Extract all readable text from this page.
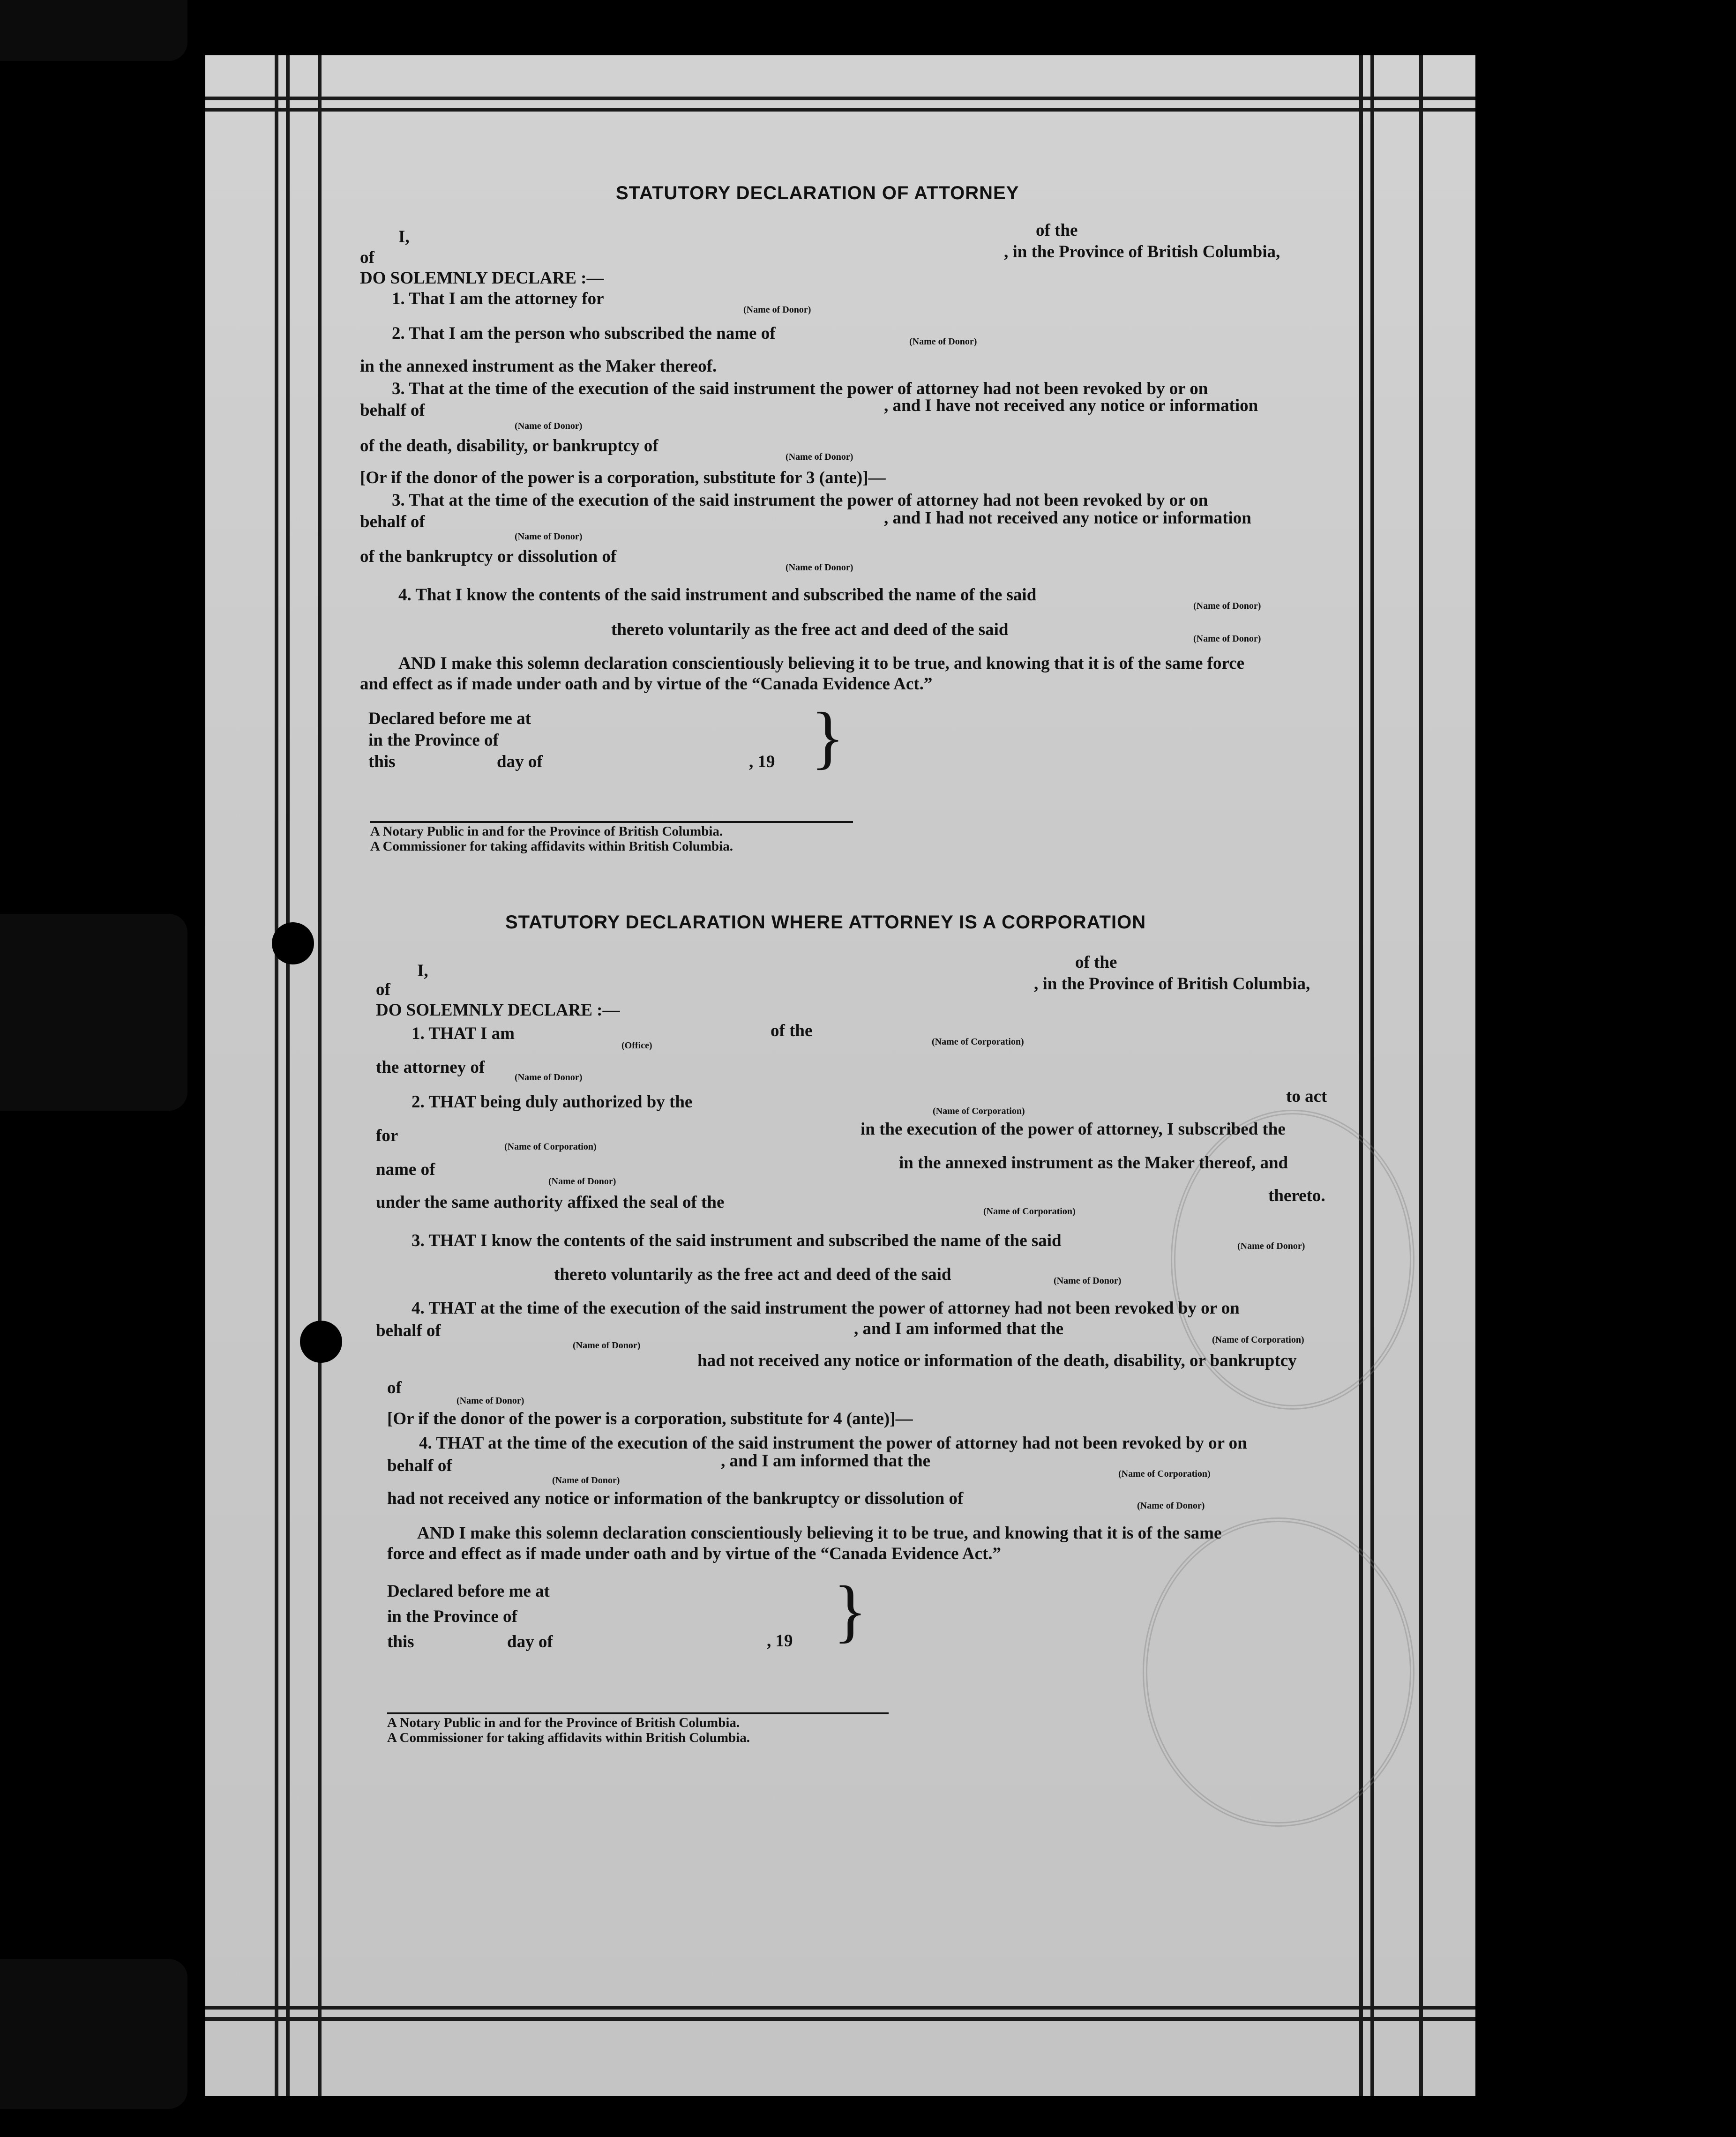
STATUTORY DECLARATION OF ATTORNEY
I,	of the
of	, in the Province of British Columbia,
DO SOLEMNLY DECLARE :—
1. That I am the attorney for
(Name of Donor)
2. That I am the person who subscribed the name of	(Name of Donor)
in the annexed instrument as the Maker thereof.
3. That at the time of the execution of the said instrument the power of attorney had not been revoked by or on
behalf of	, and I have not received any notice or information
(Name of Donor)
of the death, disability, or bankruptcy of
(Name of Donor)
[Or if the donor of the power is a corporation, substitute for 3 (ante)]—
3. That at the time of the execution of the said instrument the power of attorney had not been revoked by or on
behalf of	, and I had not received any notice or information
(Name of Donor)
of the bankruptcy or dissolution of
(Name of Donor)
4. That I know the contents of the said instrument and subscribed the name of the said
(Name of Donor)
thereto voluntarily as the free act and deed of the said	(Name of Donor)
AND I make this solemn declaration conscientiously believing it to be true, and knowing that it is of the same force
and effect as if made under oath and by virtue of the “Canada Evidence Act.”
Declared before me at
in the Province of
this	day of	, 19 }
A Notary Public in and for the Province of British Columbia.
A Commissioner for taking affidavits within British Columbia.
STATUTORY DECLARATION WHERE ATTORNEY IS A CORPORATION
I,	of the
of	, in the Province of British Columbia,
DO SOLEMNLY DECLARE :—
1. THAT I am	of the
(Office)	(Name of Corporation)
the attorney of
(Name of Donor)
2. THAT being duly authorized by the	(Name of Corporation)
to act
for	in the execution of the power of attorney, I subscribed the
(Name of Corporation)
name of	in the annexed instrument as the Maker thereof, and
(Name of Donor)
under the same authority affixed the seal of the	thereto.
(Name of Corporation)
3. THAT I know the contents of the said instrument and subscribed the name of the said	(Name of Donor)
thereto voluntarily as the free act and deed of the said	(Name of Donor)
4. THAT at the time of the execution of the said instrument the power of attorney had not been revoked by or on
behalf of	, and I am informed that the
(Name of Donor)
(Name of Corporation)
had not received any notice or information of the death, disability, or bankruptcy
of
(Name of Donor)
[Or if the donor of the power is a corporation, substitute for 4 (ante)]—
4. THAT at the time of the execution of the said instrument the power of attorney had not been revoked by or on
behalf of	, and I am informed that the
(Name of Donor)
(Name of Corporation)
had not received any notice or information of the bankruptcy or dissolution of	(Name of Donor)
AND I make this solemn declaration conscientiously believing it to be true, and knowing that it is of the same
force and effect as if made under oath and by virtue of the “Canada Evidence Act.”
Declared before me at
in the Province of
this	day of	, 19 }
A Notary Public in and for the Province of British Columbia.
A Commissioner for taking affidavits within British Columbia.
